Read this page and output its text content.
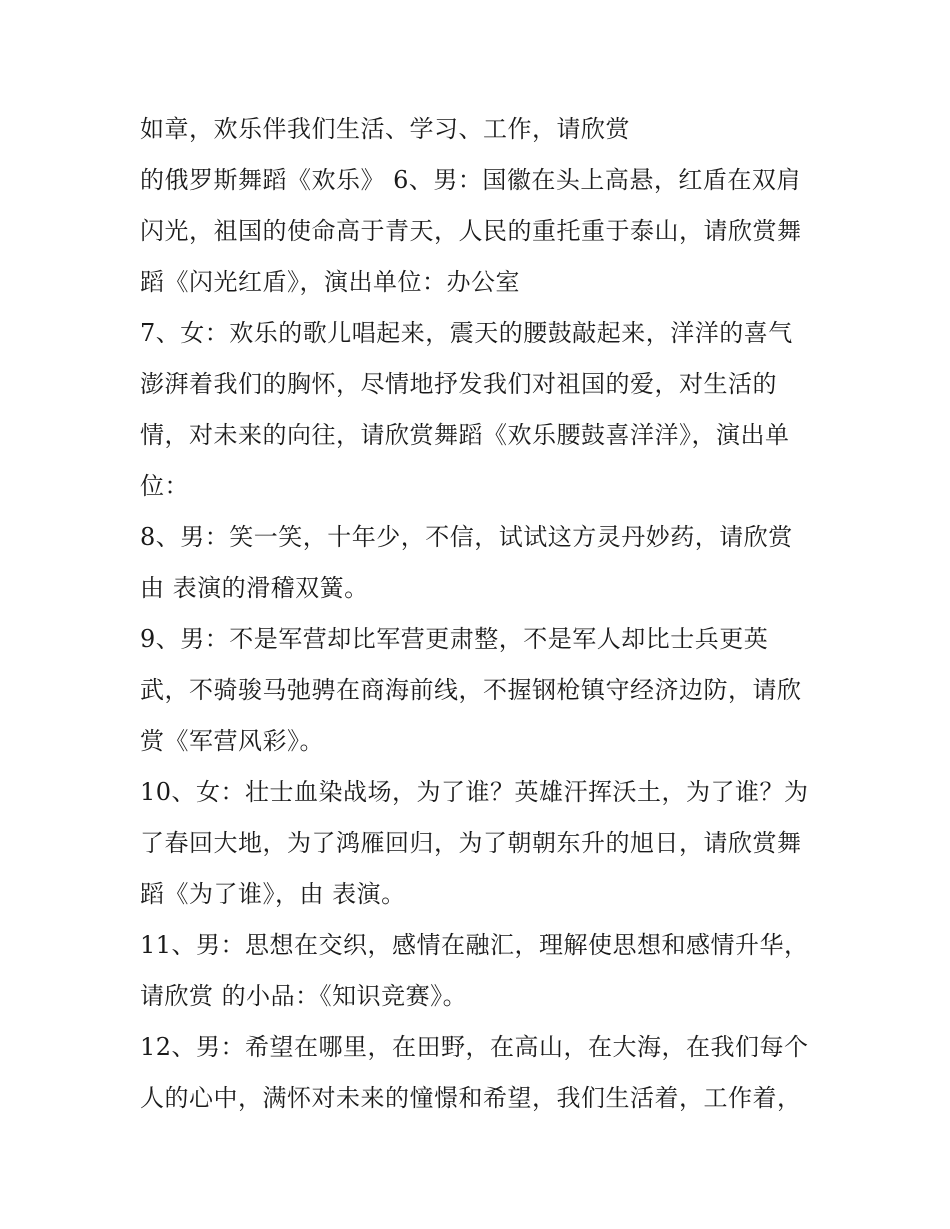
如章，欢乐伴我们生活、学习、工作，请欣赏
的俄罗斯舞蹈《欢乐》 6、男：国徽在头上高悬，红盾在双肩
闪光，祖国的使命高于青天，人民的重托重于泰山，请欣赏舞
蹈《闪光红盾》，演出单位：办公室
7、女：欢乐的歌儿唱起来，震天的腰鼓敲起来，洋洋的喜气
澎湃着我们的胸怀，尽情地抒发我们对祖国的爱，对生活的
情，对未来的向往，请欣赏舞蹈《欢乐腰鼓喜洋洋》，演出单
位：
8、男：笑一笑，十年少，不信，试试这方灵丹妙药，请欣赏
由 表演的滑稽双簧。
9、男：不是军营却比军营更肃整，不是军人却比士兵更英
武，不骑骏马弛骋在商海前线，不握钢枪镇守经济边防，请欣
赏《军营风彩》。
10、女：壮士血染战场，为了谁？英雄汗挥沃土，为了谁？为
了春回大地，为了鸿雁回归，为了朝朝东升的旭日，请欣赏舞
蹈《为了谁》，由 表演。
11、男：思想在交织，感情在融汇，理解使思想和感情升华，
请欣赏 的小品：《知识竞赛》。
12、男：希望在哪里，在田野，在高山，在大海，在我们每个
人的心中，满怀对未来的憧憬和希望，我们生活着，工作着，
